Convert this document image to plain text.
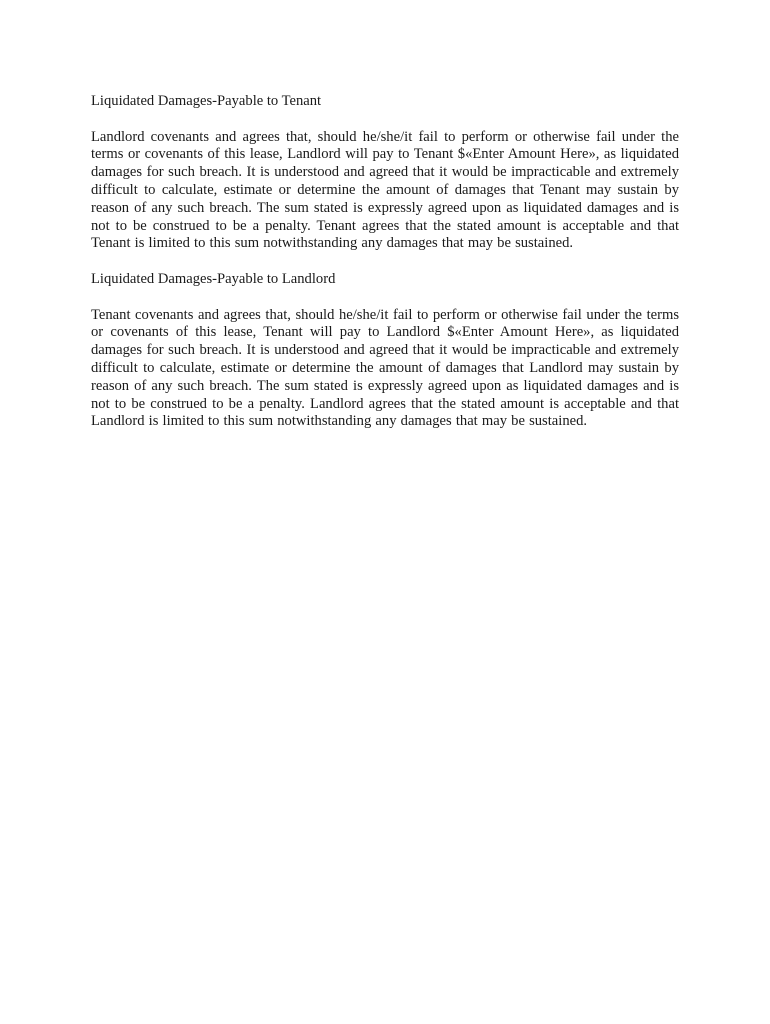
Liquidated Damages-Payable to Tenant

Landlord covenants and agrees that, should he/she/it fail to perform or otherwise fail under the terms or covenants of this lease, Landlord will pay to Tenant $«Enter Amount Here», as liquidated damages for such breach. It is understood and agreed that it would be impracticable and extremely difficult to calculate, estimate or determine the amount of damages that Tenant may sustain by reason of any such breach. The sum stated is expressly agreed upon as liquidated damages and is not to be construed to be a penalty. Tenant agrees that the stated amount is acceptable and that Tenant is limited to this sum notwithstanding any damages that may be sustained.

Liquidated Damages-Payable to Landlord

Tenant covenants and agrees that, should he/she/it fail to perform or otherwise fail under the terms or covenants of this lease, Tenant will pay to Landlord $«Enter Amount Here», as liquidated damages for such breach. It is understood and agreed that it would be impracticable and extremely difficult to calculate, estimate or determine the amount of damages that Landlord may sustain by reason of any such breach. The sum stated is expressly agreed upon as liquidated damages and is not to be construed to be a penalty. Landlord agrees that the stated amount is acceptable and that Landlord is limited to this sum notwithstanding any damages that may be sustained.
